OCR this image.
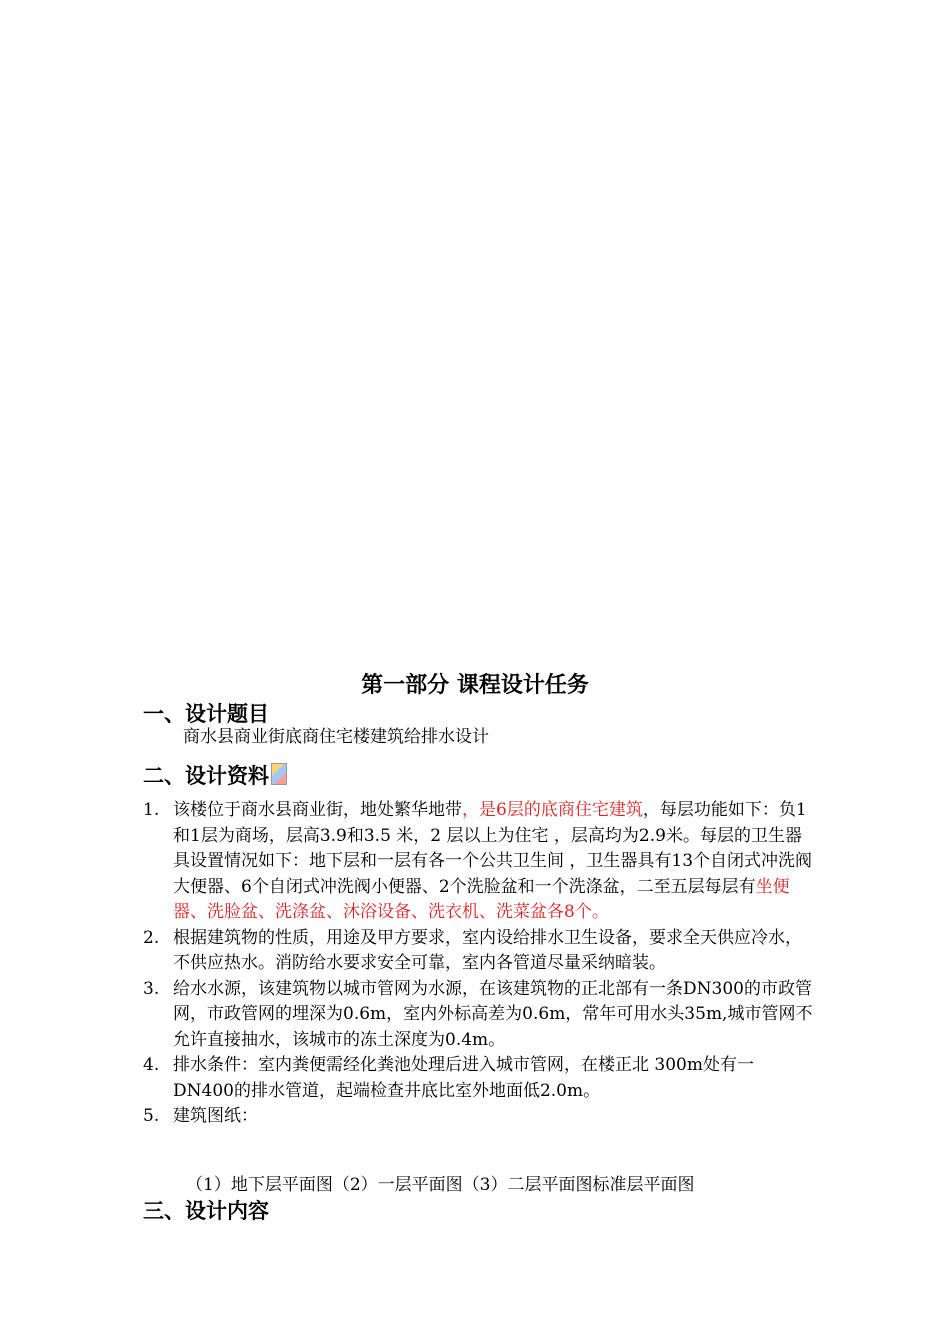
第一部分 课程设计任务
一、设计题目
商水县商业街底商住宅楼建筑给排水设计
二、设计资料
1. 该楼位于商水县商业街，地处繁华地带，是6层的底商住宅建筑，每层功能如下：负1和1层为商场，层高3.9和3.5 米，2 层以上为住宅 ，层高均为2.9米。每层的卫生器具设置情况如下：地下层和一层有各一个公共卫生间 ，卫生器具有13个自闭式冲洗阀大便器、6个自闭式冲洗阀小便器、2个洗脸盆和一个洗涤盆，二至五层每层有坐便器、洗脸盆、洗涤盆、沐浴设备、洗衣机、洗菜盆各8个。
2. 根据建筑物的性质，用途及甲方要求，室内设给排水卫生设备，要求全天供应冷水，不供应热水。消防给水要求安全可靠，室内各管道尽量采纳暗装。
3. 给水水源，该建筑物以城市管网为水源，在该建筑物的正北部有一条DN300的市政管网，市政管网的埋深为0.6m，室内外标高差为0.6m，常年可用水头35m,城市管网不允许直接抽水，该城市的冻土深度为0.4m。
4. 排水条件：室内粪便需经化粪池处理后进入城市管网，在楼正北 300m处有一DN400的排水管道，起端检查井底比室外地面低2.0m。
5. 建筑图纸：
（1）地下层平面图（2）一层平面图（3）二层平面图标准层平面图
三、设计内容
